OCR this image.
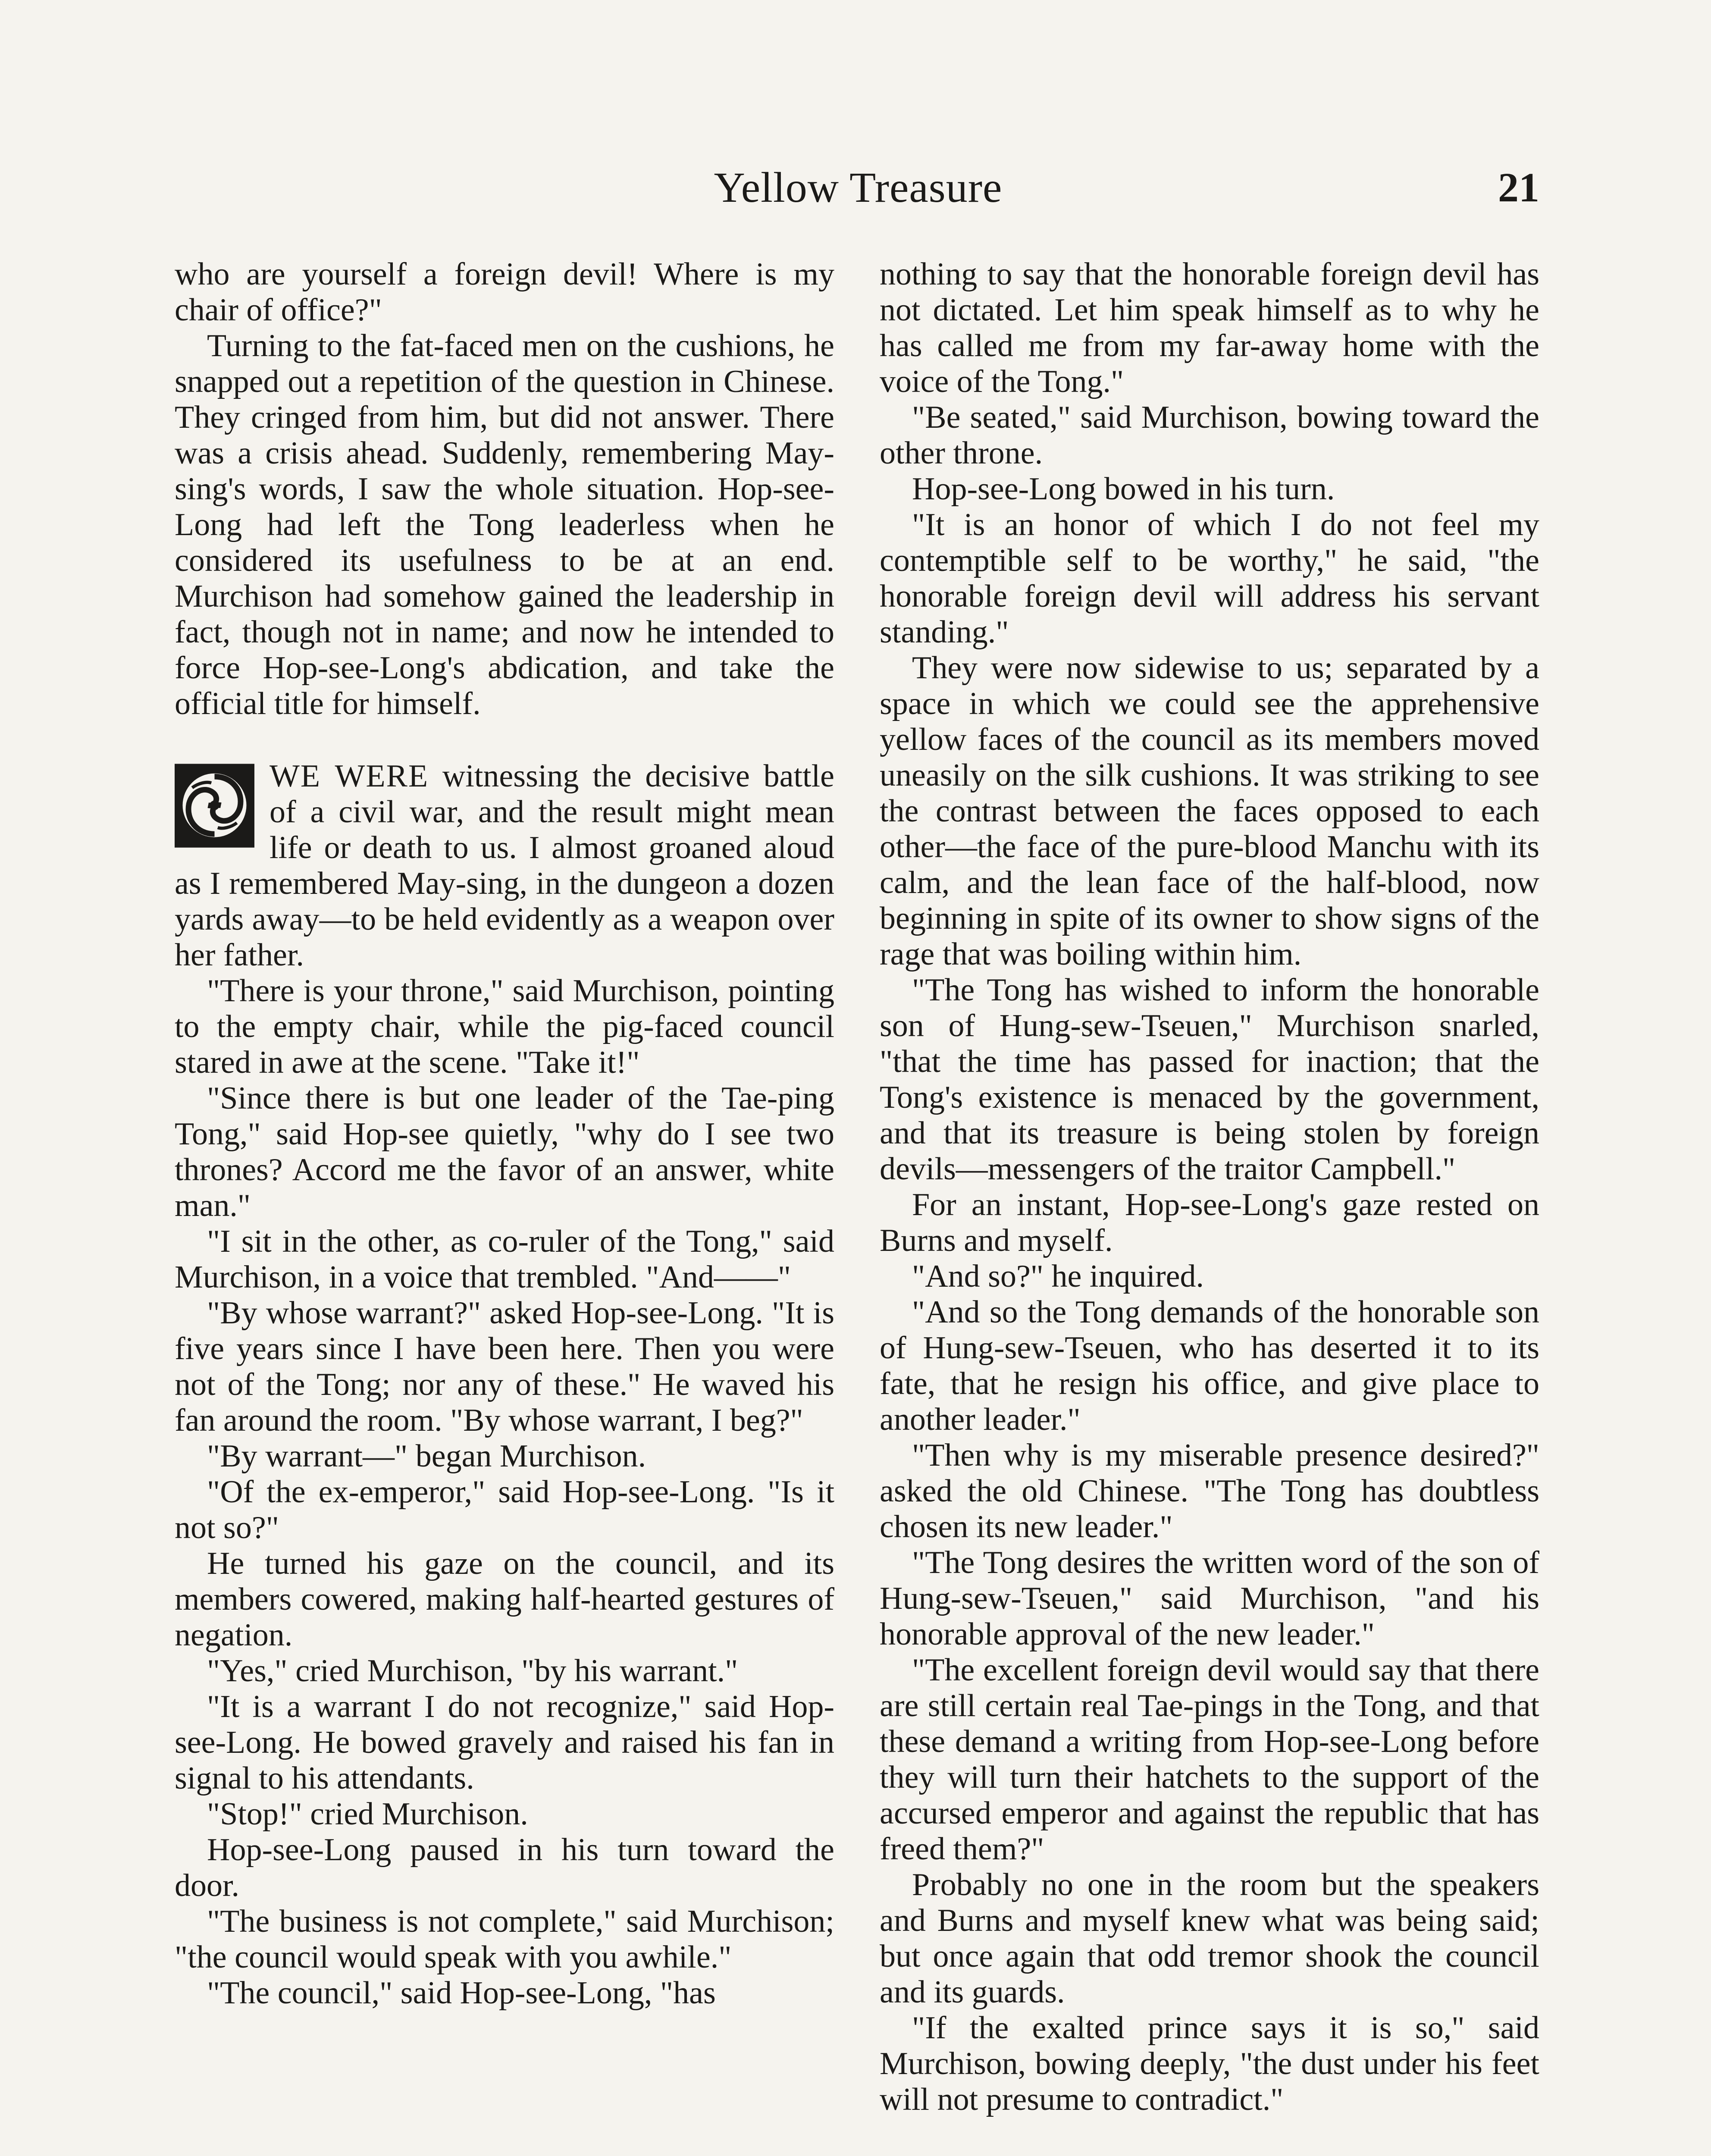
Yellow Treasure	21

who are yourself a foreign devil! Where is my chair of office?"

Turning to the fat-faced men on the cushions, he snapped out a repetition of the question in Chinese. They cringed from him, but did not answer. There was a crisis ahead. Suddenly, remembering May-sing's words, I saw the whole situation. Hop-see-Long had left the Tong leaderless when he considered its usefulness to be at an end. Murchison had somehow gained the leadership in fact, though not in name; and now he intended to force Hop-see-Long's abdication, and take the official title for himself.

WE WERE witnessing the decisive battle of a civil war, and the result might mean life or death to us. I almost groaned aloud as I remembered May-sing, in the dungeon a dozen yards away—to be held evidently as a weapon over her father.

"There is your throne," said Murchison, pointing to the empty chair, while the pig-faced council stared in awe at the scene. "Take it!"

"Since there is but one leader of the Tae-ping Tong," said Hop-see quietly, "why do I see two thrones? Accord me the favor of an answer, white man."

"I sit in the other, as co-ruler of the Tong," said Murchison, in a voice that trembled. "And——"

"By whose warrant?" asked Hop-see-Long. "It is five years since I have been here. Then you were not of the Tong; nor any of these." He waved his fan around the room. "By whose warrant, I beg?"

"By warrant—" began Murchison.

"Of the ex-emperor," said Hop-see-Long. "Is it not so?"

He turned his gaze on the council, and its members cowered, making half-hearted gestures of negation.

"Yes," cried Murchison, "by his warrant."

"It is a warrant I do not recognize," said Hop-see-Long. He bowed gravely and raised his fan in signal to his attendants.

"Stop!" cried Murchison.

Hop-see-Long paused in his turn toward the door.

"The business is not complete," said Murchison; "the council would speak with you awhile."

"The council," said Hop-see-Long, "has

nothing to say that the honorable foreign devil has not dictated. Let him speak himself as to why he has called me from my far-away home with the voice of the Tong."

"Be seated," said Murchison, bowing toward the other throne.

Hop-see-Long bowed in his turn.

"It is an honor of which I do not feel my contemptible self to be worthy," he said, "the honorable foreign devil will address his servant standing."

They were now sidewise to us; separated by a space in which we could see the apprehensive yellow faces of the council as its members moved uneasily on the silk cushions. It was striking to see the contrast between the faces opposed to each other—the face of the pure-blood Manchu with its calm, and the lean face of the half-blood, now beginning in spite of its owner to show signs of the rage that was boiling within him.

"The Tong has wished to inform the honorable son of Hung-sew-Tseuen," Murchison snarled, "that the time has passed for inaction; that the Tong's existence is menaced by the government, and that its treasure is being stolen by foreign devils—messengers of the traitor Campbell."

For an instant, Hop-see-Long's gaze rested on Burns and myself.

"And so?" he inquired.

"And so the Tong demands of the honorable son of Hung-sew-Tseuen, who has deserted it to its fate, that he resign his office, and give place to another leader."

"Then why is my miserable presence desired?" asked the old Chinese. "The Tong has doubtless chosen its new leader."

"The Tong desires the written word of the son of Hung-sew-Tseuen," said Murchison, "and his honorable approval of the new leader."

"The excellent foreign devil would say that there are still certain real Tae-pings in the Tong, and that these demand a writing from Hop-see-Long before they will turn their hatchets to the support of the accursed emperor and against the republic that has freed them?"

Probably no one in the room but the speakers and Burns and myself knew what was being said; but once again that odd tremor shook the council and its guards.

"If the exalted prince says it is so," said Murchison, bowing deeply, "the dust under his feet will not presume to contradict."
